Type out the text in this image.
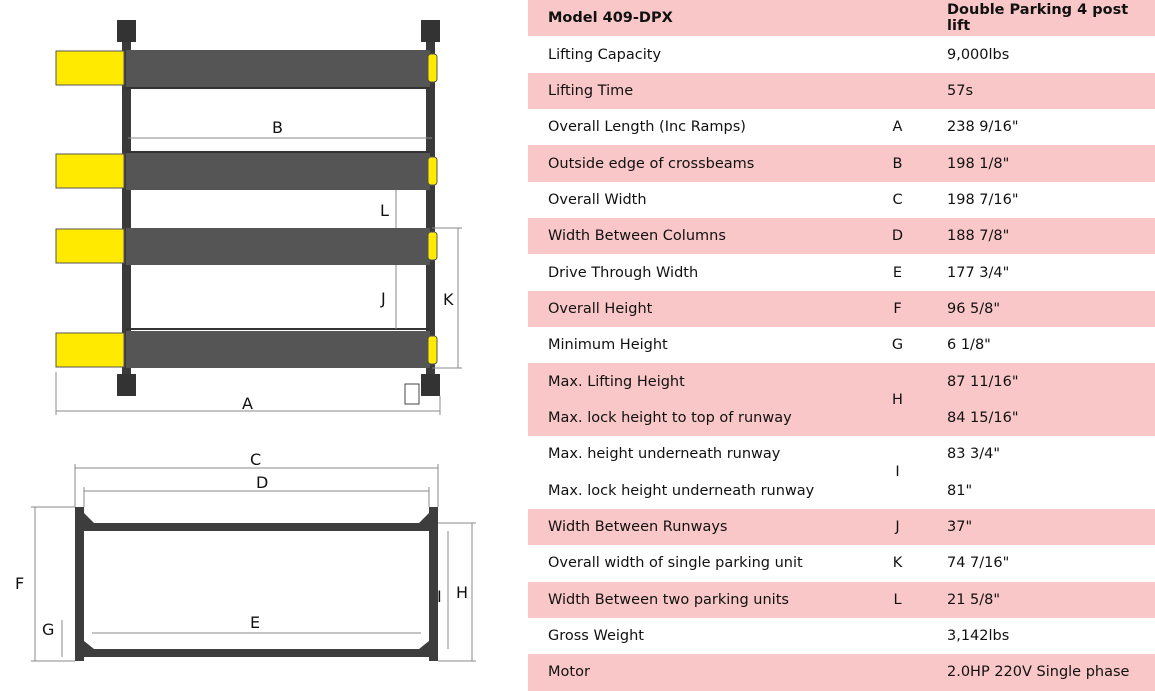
B
L
J	K
A
C
D
E
F
G
I H
Model 409-DPX		Double Parking 4 post lift
Lifting Capacity		9,000lbs
Lifting Time		57s
Overall Length (Inc Ramps)	A	238 9/16"
Outside edge of crossbeams	B	198 1/8"
Overall Width	C	198 7/16"
Width Between Columns	D	188 7/8"
Drive Through Width	E	177 3/4"
Overall Height	F	96 5/8"
Minimum Height	G	6 1/8"
Max. Lifting Height	H	87 11/16"
Max. lock height to top of runway		84 15/16"
Max. height underneath runway	I	83 3/4"
Max. lock height underneath runway		81"
Width Between Runways	J	37"
Overall width of single parking unit	K	74 7/16"
Width Between two parking units	L	21 5/8"
Gross Weight		3,142lbs
Motor		2.0HP 220V Single phase
